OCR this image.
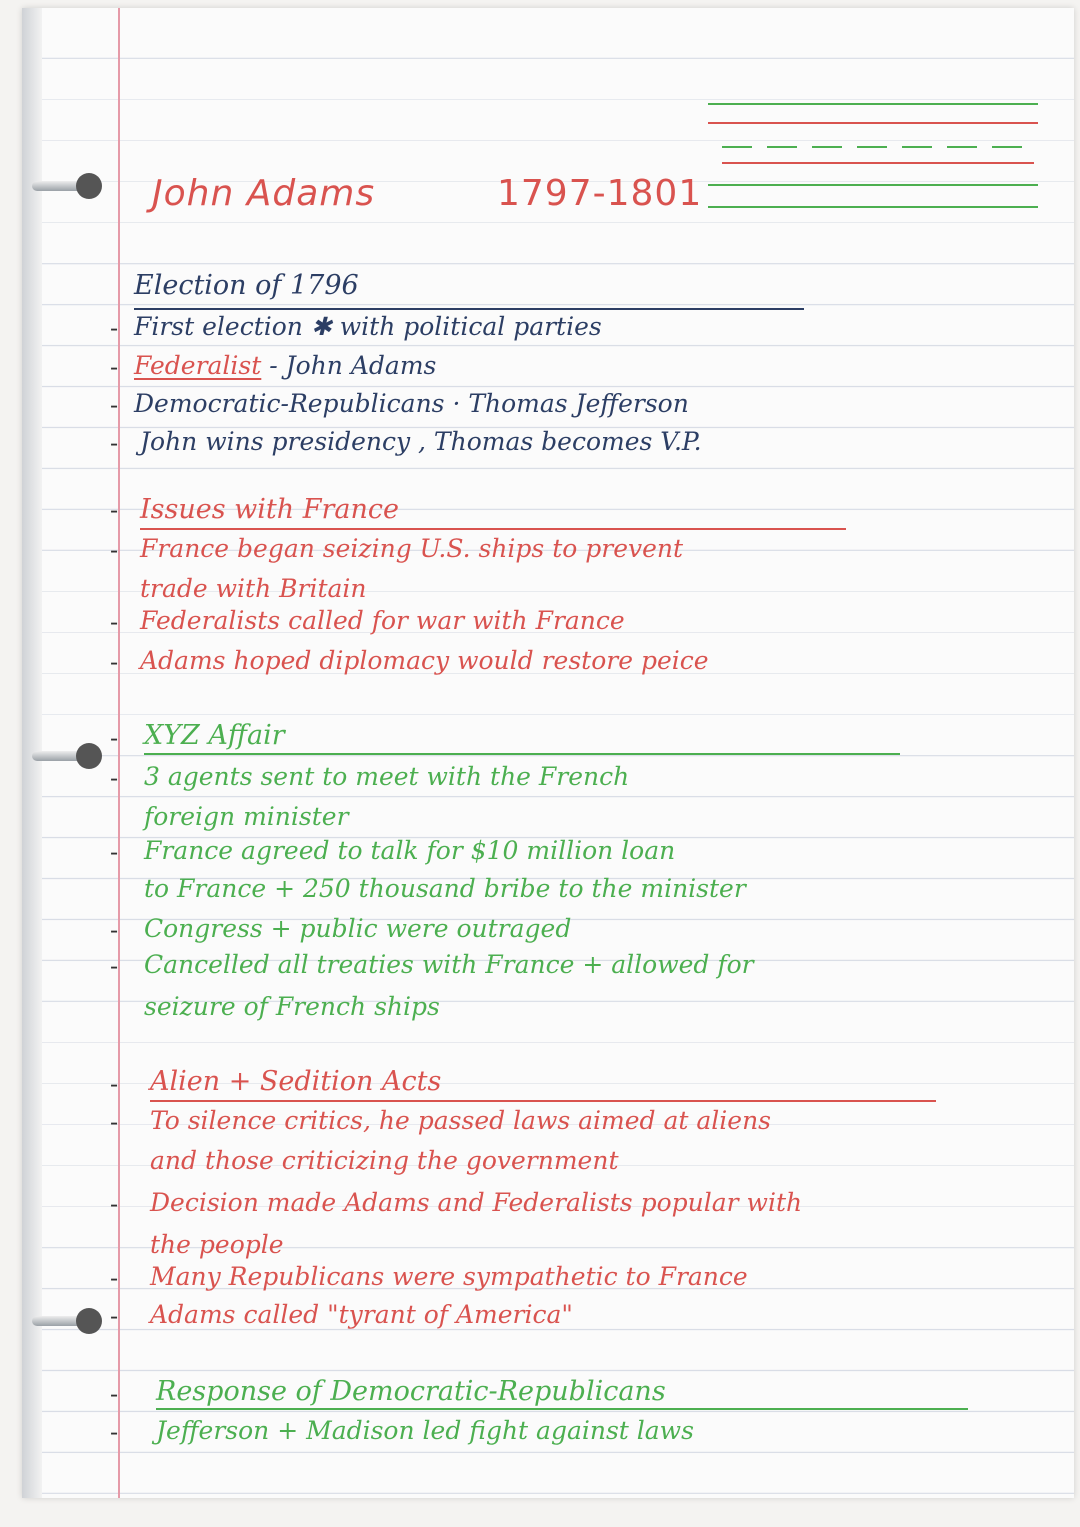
John Adams	1797-1801
Election of 1796
- First election ✱ with political parties
- Federalist - John Adams
- Democratic-Republicans · Thomas Jefferson
- John wins presidency , Thomas becomes V.P.
- Issues with France
- France began seizing U.S. ships to prevent
trade with Britain
- Federalists called for war with France
- Adams hoped diplomacy would restore peice
- XYZ Affair
- 3 agents sent to meet with the French
foreign minister
- France agreed to talk for $10 million loan
to France + 250 thousand bribe to the minister
- Congress + public were outraged
- Cancelled all treaties with France + allowed for
seizure of French ships
- Alien + Sedition Acts
- To silence critics, he passed laws aimed at aliens
and those criticizing the government
- Decision made Adams and Federalists popular with
the people
- Many Republicans were sympathetic to France
- Adams called "tyrant of America"
- Response of Democratic-Republicans
- Jefferson + Madison led fight against laws
